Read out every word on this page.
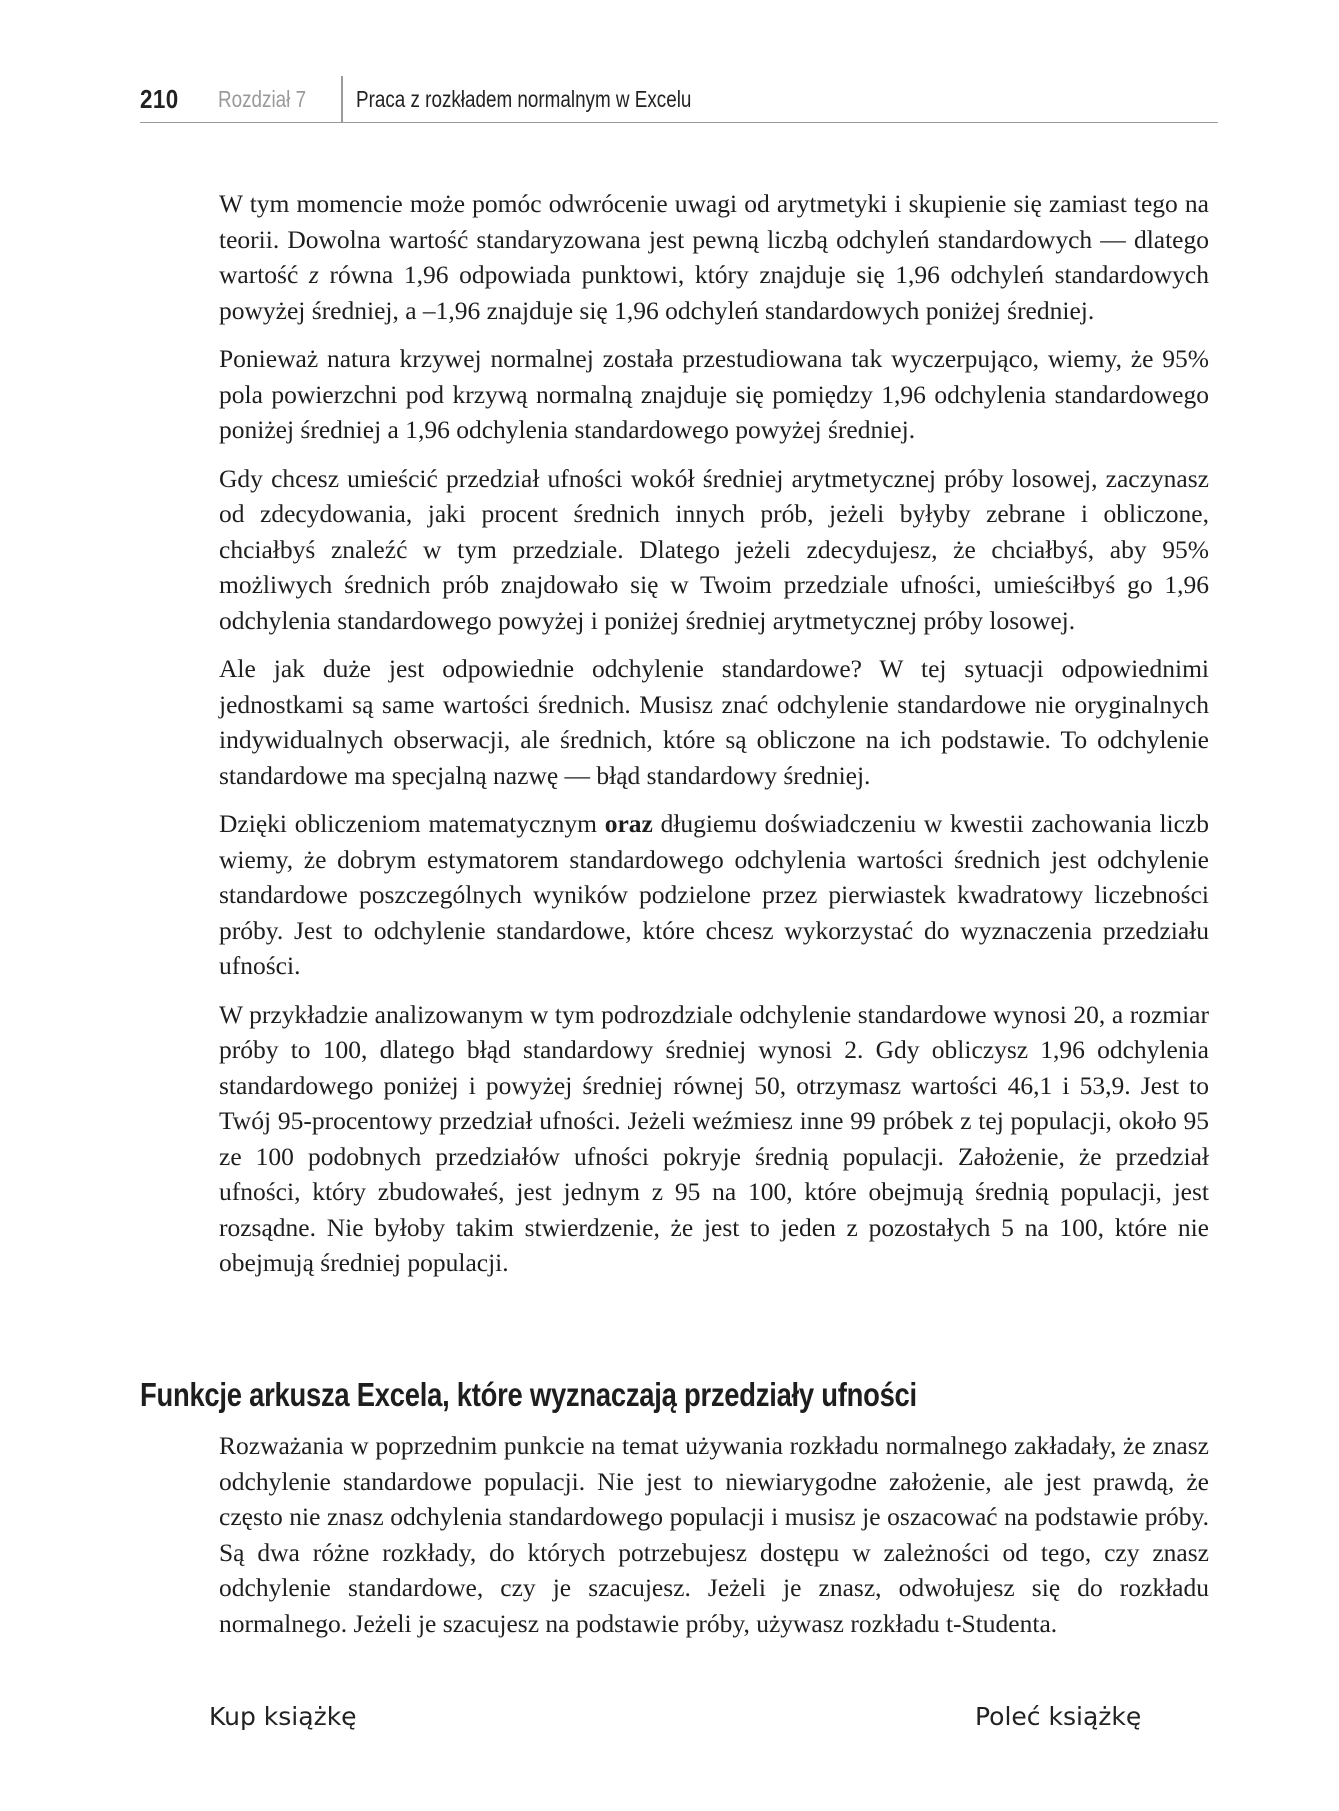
210 Rozdział 7 Praca z rozkładem normalnym w Excelu

W tym momencie może pomóc odwrócenie uwagi od arytmetyki i skupienie się zamiast tego na teorii. Dowolna wartość standaryzowana jest pewną liczbą odchyleń standardowych — dlatego wartość z równa 1,96 odpowiada punktowi, który znajduje się 1,96 odchyleń standardowych powyżej średniej, a –1,96 znajduje się 1,96 odchyleń standardowych poniżej średniej.

Ponieważ natura krzywej normalnej została przestudiowana tak wyczerpująco, wiemy, że 95% pola powierzchni pod krzywą normalną znajduje się pomiędzy 1,96 odchylenia standardowego poniżej średniej a 1,96 odchylenia standardowego powyżej średniej.

Gdy chcesz umieścić przedział ufności wokół średniej arytmetycznej próby losowej, zaczynasz od zdecydowania, jaki procent średnich innych prób, jeżeli byłyby zebrane i obliczone, chciałbyś znaleźć w tym przedziale. Dlatego jeżeli zdecydujesz, że chciałbyś, aby 95% możliwych średnich prób znajdowało się w Twoim przedziale ufności, umieściłbyś go 1,96 odchylenia standardowego powyżej i poniżej średniej arytmetycznej próby losowej.

Ale jak duże jest odpowiednie odchylenie standardowe? W tej sytuacji odpowiednimi jednostkami są same wartości średnich. Musisz znać odchylenie standardowe nie oryginalnych indywidualnych obserwacji, ale średnich, które są obliczone na ich podstawie. To odchylenie standardowe ma specjalną nazwę — błąd standardowy średniej.

Dzięki obliczeniom matematycznym oraz długiemu doświadczeniu w kwestii zachowania liczb wiemy, że dobrym estymatorem standardowego odchylenia wartości średnich jest odchylenie standardowe poszczególnych wyników podzielone przez pierwiastek kwadratowy liczebności próby. Jest to odchylenie standardowe, które chcesz wykorzystać do wyznaczenia przedziału ufności.

W przykładzie analizowanym w tym podrozdziale odchylenie standardowe wynosi 20, a rozmiar próby to 100, dlatego błąd standardowy średniej wynosi 2. Gdy obliczysz 1,96 odchylenia standardowego poniżej i powyżej średniej równej 50, otrzymasz wartości 46,1 i 53,9. Jest to Twój 95-procentowy przedział ufności. Jeżeli weźmiesz inne 99 próbek z tej populacji, około 95 ze 100 podobnych przedziałów ufności pokryje średnią populacji. Założenie, że przedział ufności, który zbudowałeś, jest jednym z 95 na 100, które obejmują średnią populacji, jest rozsądne. Nie byłoby takim stwierdzenie, że jest to jeden z pozostałych 5 na 100, które nie obejmują średniej populacji.

Funkcje arkusza Excela, które wyznaczają przedziały ufności

Rozważania w poprzednim punkcie na temat używania rozkładu normalnego zakładały, że znasz odchylenie standardowe populacji. Nie jest to niewiarygodne założenie, ale jest prawdą, że często nie znasz odchylenia standardowego populacji i musisz je oszacować na podstawie próby. Są dwa różne rozkłady, do których potrzebujesz dostępu w zależności od tego, czy znasz odchylenie standardowe, czy je szacujesz. Jeżeli je znasz, odwołujesz się do rozkładu normalnego. Jeżeli je szacujesz na podstawie próby, używasz rozkładu t-Studenta.

Kup książkę	Poleć książkę
